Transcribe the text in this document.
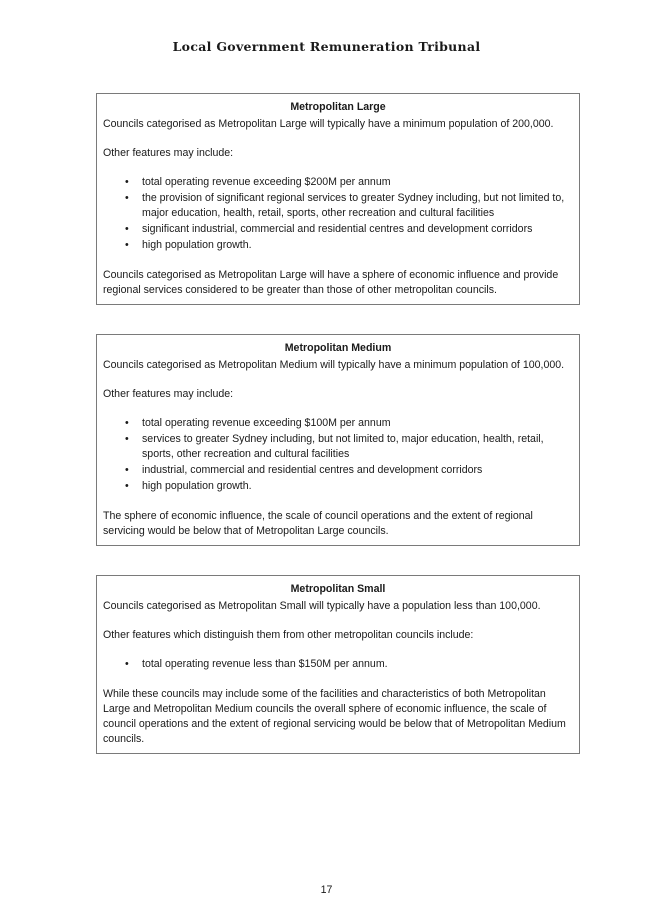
Local Government Remuneration Tribunal
Metropolitan Large

Councils categorised as Metropolitan Large will typically have a minimum population of 200,000.

Other features may include:

• total operating revenue exceeding $200M per annum
• the provision of significant regional services to greater Sydney including, but not limited to, major education, health, retail, sports, other recreation and cultural facilities
• significant industrial, commercial and residential centres and development corridors
• high population growth.

Councils categorised as Metropolitan Large will have a sphere of economic influence and provide regional services considered to be greater than those of other metropolitan councils.

Metropolitan Medium

Councils categorised as Metropolitan Medium will typically have a minimum population of 100,000.

Other features may include:

• total operating revenue exceeding $100M per annum
• services to greater Sydney including, but not limited to, major education, health, retail, sports, other recreation and cultural facilities
• industrial, commercial and residential centres and development corridors
• high population growth.

The sphere of economic influence, the scale of council operations and the extent of regional servicing would be below that of Metropolitan Large councils.

Metropolitan Small

Councils categorised as Metropolitan Small will typically have a population less than 100,000.

Other features which distinguish them from other metropolitan councils include:

• total operating revenue less than $150M per annum.

While these councils may include some of the facilities and characteristics of both Metropolitan Large and Metropolitan Medium councils the overall sphere of economic influence, the scale of council operations and the extent of regional servicing would be below that of Metropolitan Medium councils.

17
